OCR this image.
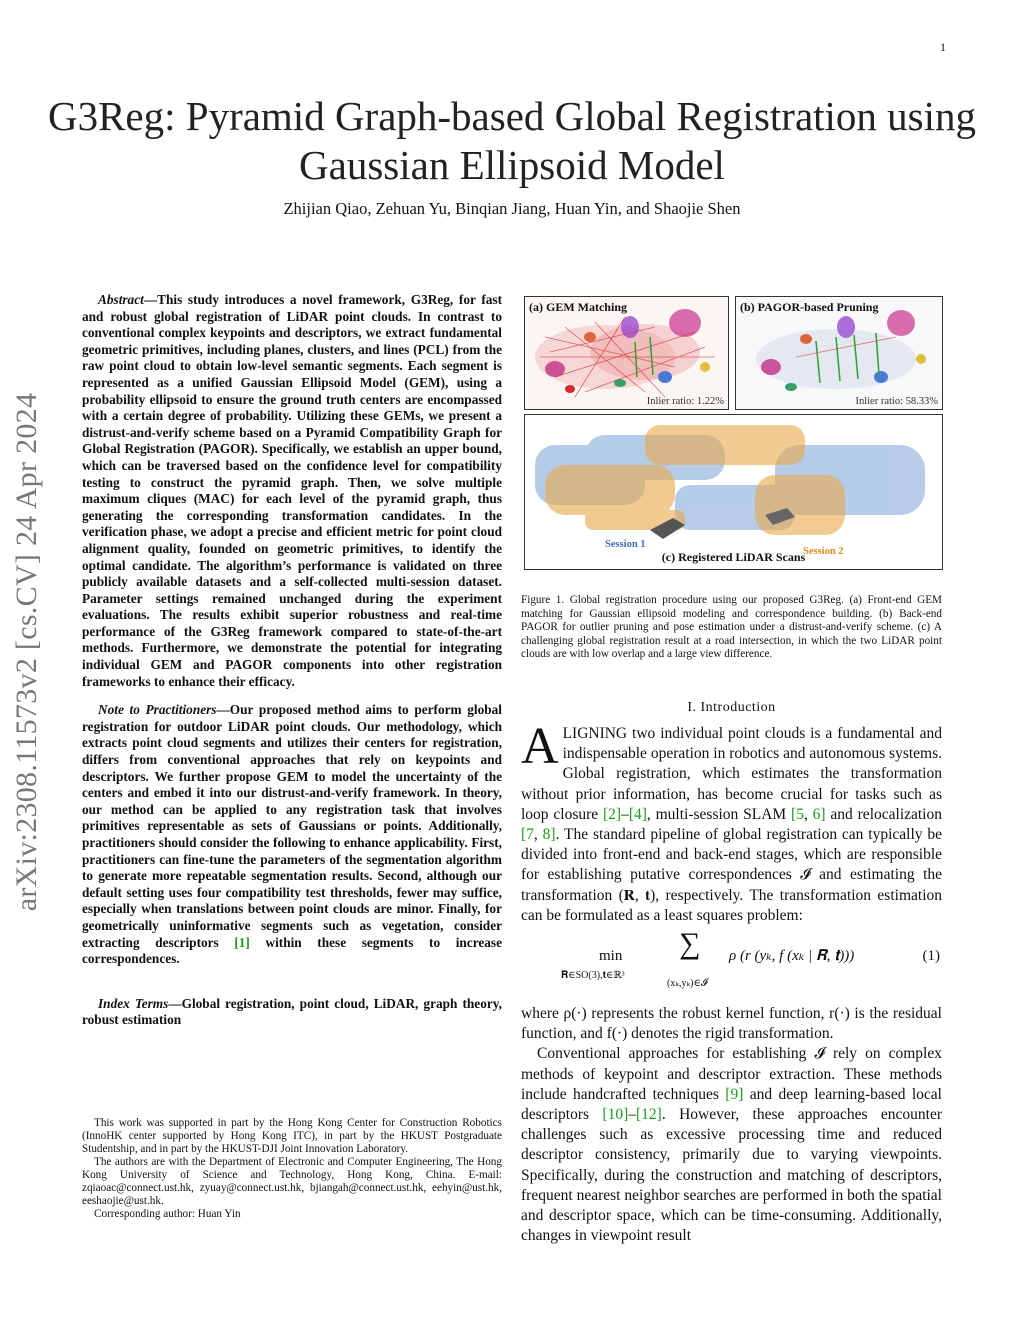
1
G3Reg: Pyramid Graph-based Global Registration using Gaussian Ellipsoid Model
Zhijian Qiao, Zehuan Yu, Binqian Jiang, Huan Yin, and Shaojie Shen
arXiv:2308.11573v2 [cs.CV] 24 Apr 2024

Abstract—This study introduces a novel framework, G3Reg, for fast and robust global registration of LiDAR point clouds. In contrast to conventional complex keypoints and descriptors, we extract fundamental geometric primitives, including planes, clusters, and lines (PCL) from the raw point cloud to obtain low-level semantic segments. Each segment is represented as a unified Gaussian Ellipsoid Model (GEM), using a probability ellipsoid to ensure the ground truth centers are encompassed with a certain degree of probability. Utilizing these GEMs, we present a distrust-and-verify scheme based on a Pyramid Compatibility Graph for Global Registration (PAGOR). Specifically, we establish an upper bound, which can be traversed based on the confidence level for compatibility testing to construct the pyramid graph. Then, we solve multiple maximum cliques (MAC) for each level of the pyramid graph, thus generating the corresponding transformation candidates. In the verification phase, we adopt a precise and efficient metric for point cloud alignment quality, founded on geometric primitives, to identify the optimal candidate. The algorithm’s performance is validated on three publicly available datasets and a self-collected multi-session dataset. Parameter settings remained unchanged during the experiment evaluations. The results exhibit superior robustness and real-time performance of the G3Reg framework compared to state-of-the-art methods. Furthermore, we demonstrate the potential for integrating individual GEM and PAGOR components into other registration frameworks to enhance their efficacy.

Note to Practitioners—Our proposed method aims to perform global registration for outdoor LiDAR point clouds. Our methodology, which extracts point cloud segments and utilizes their centers for registration, differs from conventional approaches that rely on keypoints and descriptors. We further propose GEM to model the uncertainty of the centers and embed it into our distrust-and-verify framework. In theory, our method can be applied to any registration task that involves primitives representable as sets of Gaussians or points. Additionally, practitioners should consider the following to enhance applicability. First, practitioners can fine-tune the parameters of the segmentation algorithm to generate more repeatable segmentation results. Second, although our default setting uses four compatibility test thresholds, fewer may suffice, especially when translations between point clouds are minor. Finally, for geometrically uninformative segments such as vegetation, consider extracting descriptors [1] within these segments to increase correspondences.

Index Terms—Global registration, point cloud, LiDAR, graph theory, robust estimation

This work was supported in part by the Hong Kong Center for Construction Robotics (InnoHK center supported by Hong Kong ITC), in part by the HKUST Postgraduate Studentship, and in part by the HKUST-DJI Joint Innovation Laboratory.

The authors are with the Department of Electronic and Computer Engineering, The Hong Kong University of Science and Technology, Hong Kong, China. E-mail: zqiaoac@connect.ust.hk, zyuay@connect.ust.hk, bjiangah@connect.ust.hk, eehyin@ust.hk, eeshaojie@ust.hk.

Corresponding author: Huan Yin

(a) GEM Matching
Inlier ratio: 1.22%
(b) PAGOR-based Pruning
Inlier ratio: 58.33%
Session 1
Session 2
(c) Registered LiDAR Scans
Figure 1. Global registration procedure using our proposed G3Reg. (a) Front-end GEM matching for Gaussian ellipsoid modeling and correspondence building. (b) Back-end PAGOR for outlier pruning and pose estimation under a distrust-and-verify scheme. (c) A challenging global registration result at a road intersection, in which the two LiDAR point clouds are with low overlap and a large view difference.
I. Introduction

ALIGNING two individual point clouds is a fundamental and indispensable operation in robotics and autonomous systems. Global registration, which estimates the transformation without prior information, has become crucial for tasks such as loop closure [2]–[4], multi-session SLAM [5, 6] and relocalization [7, 8]. The standard pipeline of global registration can typically be divided into front-end and back-end stages, which are responsible for establishing putative correspondences 𝓘 and estimating the transformation (𝐑, 𝐭), respectively. The transformation estimation can be formulated as a least squares problem:

min
𝐑∈SO(3),𝐭∈ℝ³
∑
(xₖ,yₖ)∈𝓘
ρ (r (yₖ, f (xₖ | 𝐑, 𝐭)))	(1)

where ρ(·) represents the robust kernel function, r(·) is the residual function, and f(·) denotes the rigid transformation.

Conventional approaches for establishing 𝓘 rely on complex methods of keypoint and descriptor extraction. These methods include handcrafted techniques [9] and deep learning-based local descriptors [10]–[12]. However, these approaches encounter challenges such as excessive processing time and reduced descriptor consistency, primarily due to varying viewpoints. Specifically, during the construction and matching of descriptors, frequent nearest neighbor searches are performed in both the spatial and descriptor space, which can be time-consuming. Additionally, changes in viewpoint result
